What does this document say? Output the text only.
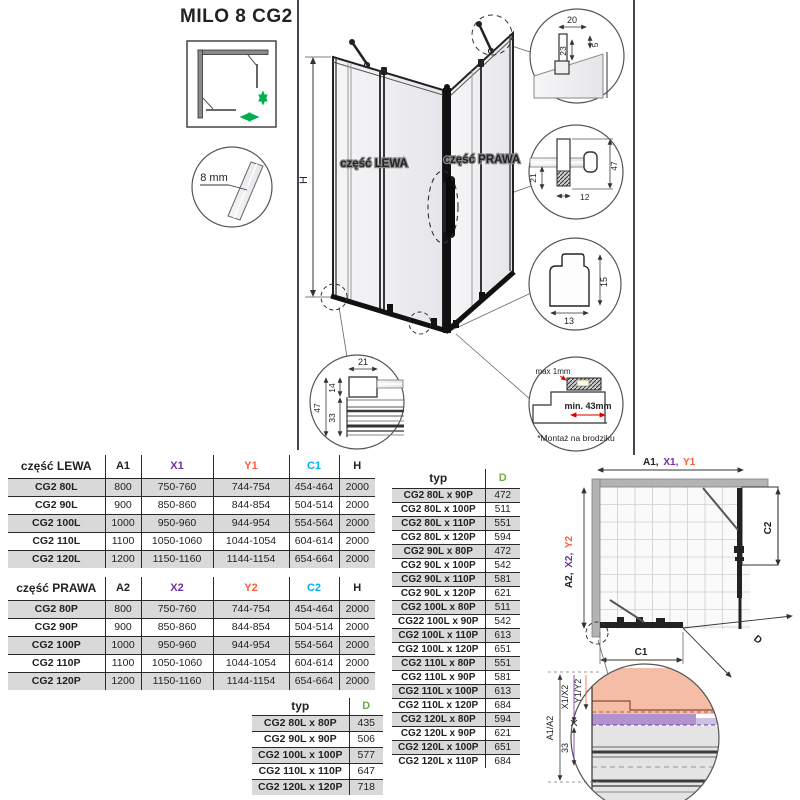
MILO 8 CG2
8 mm
część LEWA	część PRAWA
H
20
5
23
21
47
12
15
13
max 1mm
min. 43mm
*Montaż na brodziku
21
14
33
47
część LEWA	A1	X1	Y1	C1	H
CG2 80L	800	750-760	744-754	454-464	2000
CG2 90L	900	850-860	844-854	504-514	2000
CG2 100L	1000	950-960	944-954	554-564	2000
CG2 110L	1100	1050-1060	1044-1054	604-614	2000
CG2 120L	1200	1150-1160	1144-1154	654-664	2000
część PRAWA	A2	X2	Y2	C2	H
CG2 80P	800	750-760	744-754	454-464	2000
CG2 90P	900	850-860	844-854	504-514	2000
CG2 100P	1000	950-960	944-954	554-564	2000
CG2 110P	1100	1050-1060	1044-1054	604-614	2000
CG2 120P	1200	1150-1160	1144-1154	654-664	2000
typ	D
CG2 80L x 80P	435
CG2 90L x 90P	506
CG2 100L x 100P	577
CG2 110L x 110P	647
CG2 120L x 120P	718
typ	D
CG2 80L x 90P	472
CG2 80L x 100P	511
CG2 80L x 110P	551
CG2 80L x 120P	594
CG2 90L x 80P	472
CG2 90L x 100P	542
CG2 90L x 110P	581
CG2 90L x 120P	621
CG2 100L x 80P	511
CG22 100L x 90P	542
CG2 100L x 110P	613
CG2 100L x 120P	651
CG2 110L x 80P	551
CG2 110L x 90P	581
CG2 110L x 100P	613
CG2 110L x 120P	684
CG2 120L x 80P	594
CG2 120L x 90P	621
CG2 120L x 100P	651
CG2 120L x 110P	684
A1, X1, Y1
A2, X2, Y2
C2
C1
D
A1/A2
X1/X2 Y1/Y2
33
